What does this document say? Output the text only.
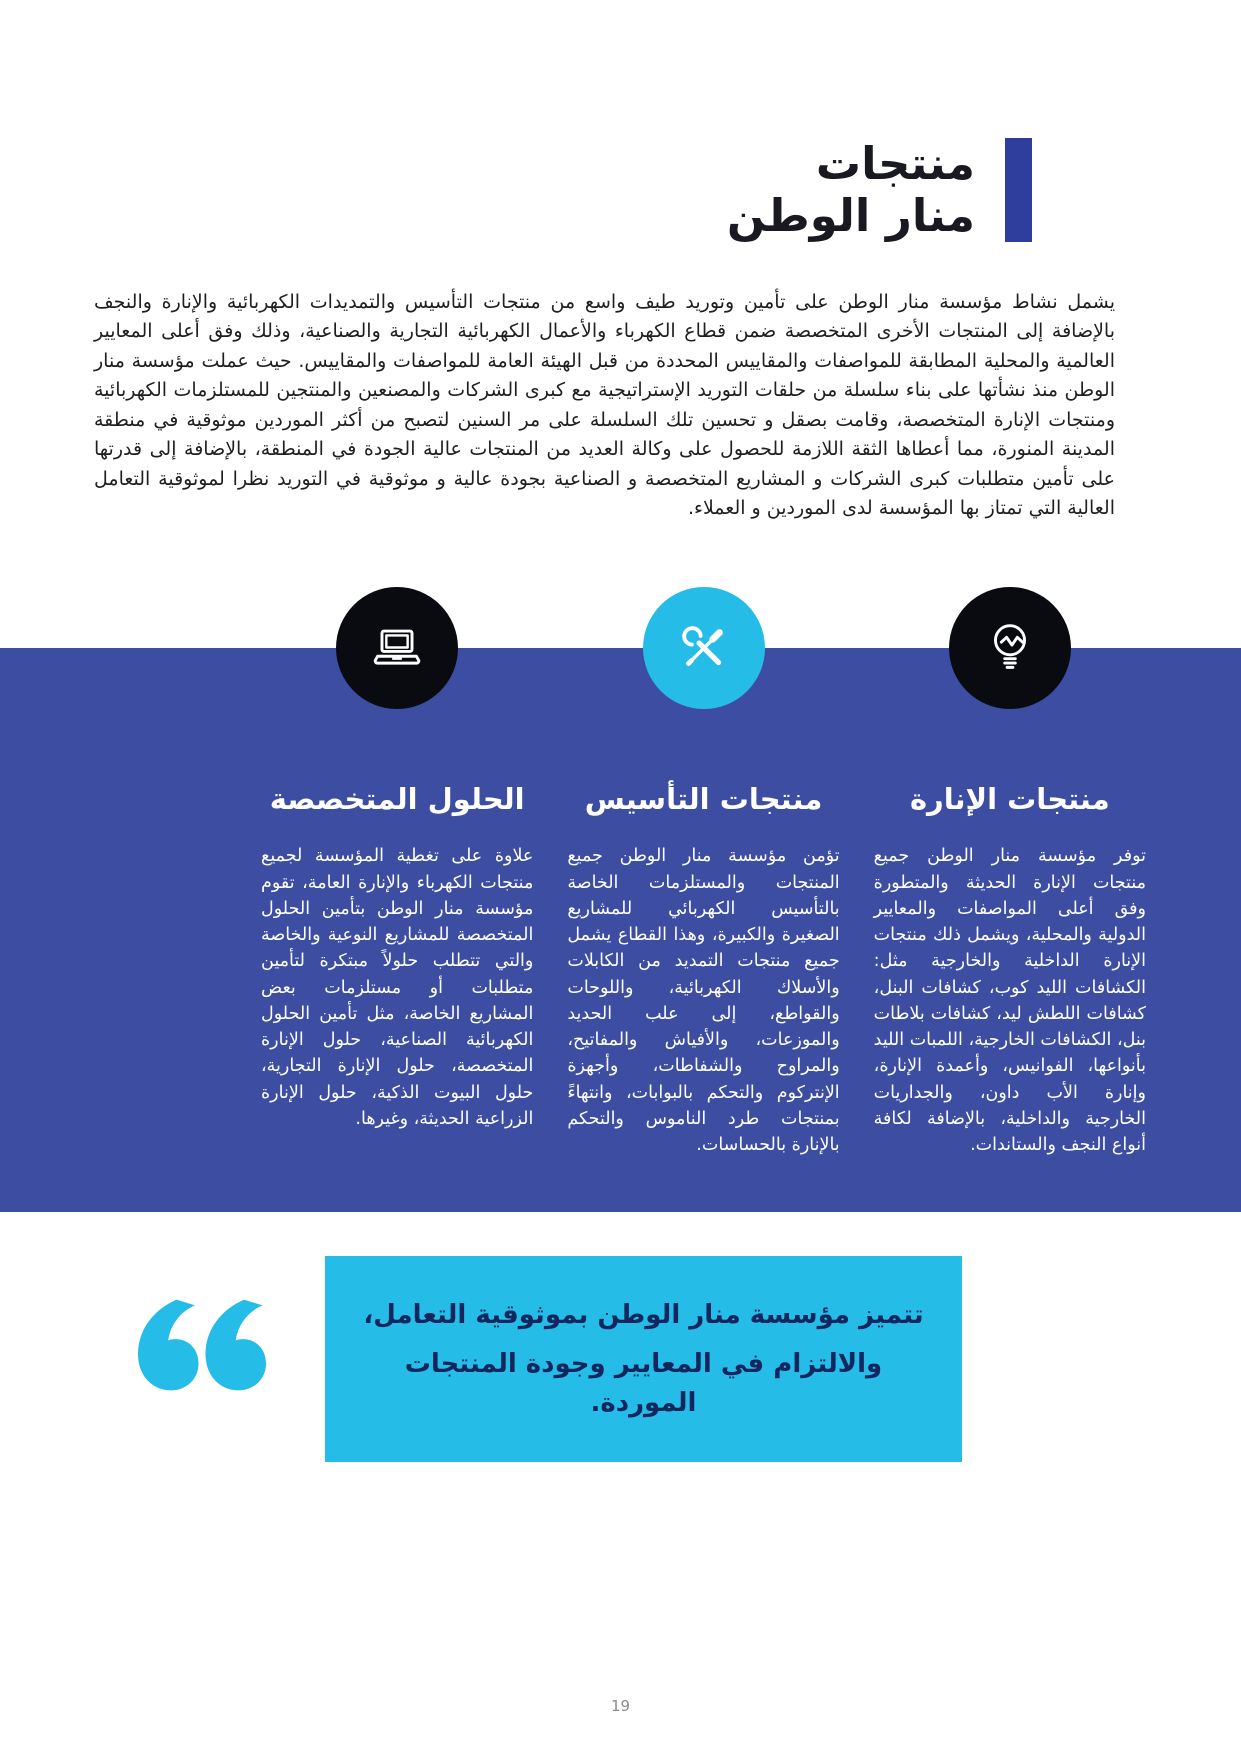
منتجات
منار الوطن

يشمل نشاط مؤسسة منار الوطن على تأمين وتوريد طيف واسع من منتجات التأسيس والتمديدات الكهربائية والإنارة والنجف بالإضافة إلى المنتجات الأخرى المتخصصة ضمن قطاع الكهرباء والأعمال الكهربائية التجارية والصناعية، وذلك وفق أعلى المعايير العالمية والمحلية المطابقة للمواصفات والمقاييس المحددة من قبل الهيئة العامة للمواصفات والمقاييس. حيث عملت مؤسسة منار الوطن منذ نشأتها على بناء سلسلة من حلقات التوريد الإستراتيجية مع كبرى الشركات والمصنعين والمنتجين للمستلزمات الكهربائية ومنتجات الإنارة المتخصصة، وقامت بصقل و تحسين تلك السلسلة على مر السنين لتصبح من أكثر الموردين موثوقية في منطقة المدينة المنورة، مما أعطاها الثقة اللازمة للحصول على وكالة العديد من المنتجات عالية الجودة في المنطقة، بالإضافة إلى قدرتها على تأمين متطلبات كبرى الشركات و المشاريع المتخصصة و الصناعية بجودة عالية و موثوقية في التوريد نظرا لموثوقية التعامل العالية التي تمتاز بها المؤسسة لدى الموردين و العملاء.

منتجات الإنارة

توفر مؤسسة منار الوطن جميع منتجات الإنارة الحديثة والمتطورة وفق أعلى المواصفات والمعايير الدولية والمحلية، ويشمل ذلك منتجات الإنارة الداخلية والخارجية مثل: الكشافات الليد كوب، كشافات البنل، كشافات اللطش ليد، كشافات بلاطات بنل، الكشافات الخارجية، اللمبات الليد بأنواعها، الفوانيس، وأعمدة الإنارة، وإنارة الأب داون، والجداريات الخارجية والداخلية، بالإضافة لكافة أنواع النجف والستاندات.

منتجات التأسيس

تؤمن مؤسسة منار الوطن جميع المنتجات والمستلزمات الخاصة بالتأسيس الكهربائي للمشاريع الصغيرة والكبيرة، وهذا القطاع يشمل جميع منتجات التمديد من الكابلات والأسلاك الكهربائية، واللوحات والقواطع، إلى علب الحديد والموزعات، والأفياش والمفاتيح، والمراوح والشفاطات، وأجهزة الإنتركوم والتحكم بالبوابات، وانتهاءً بمنتجات طرد الناموس والتحكم بالإنارة بالحساسات.

الحلول المتخصصة

علاوة على تغطية المؤسسة لجميع منتجات الكهرباء والإنارة العامة، تقوم مؤسسة منار الوطن بتأمين الحلول المتخصصة للمشاريع النوعية والخاصة والتي تتطلب حلولاً مبتكرة لتأمين متطلبات أو مستلزمات بعض المشاريع الخاصة، مثل تأمين الحلول الكهربائية الصناعية، حلول الإنارة المتخصصة، حلول الإنارة التجارية، حلول البيوت الذكية، حلول الإنارة الزراعية الحديثة، وغيرها.

تتميز مؤسسة منار الوطن بموثوقية التعامل،

والالتزام في المعايير وجودة المنتجات الموردة.

19
